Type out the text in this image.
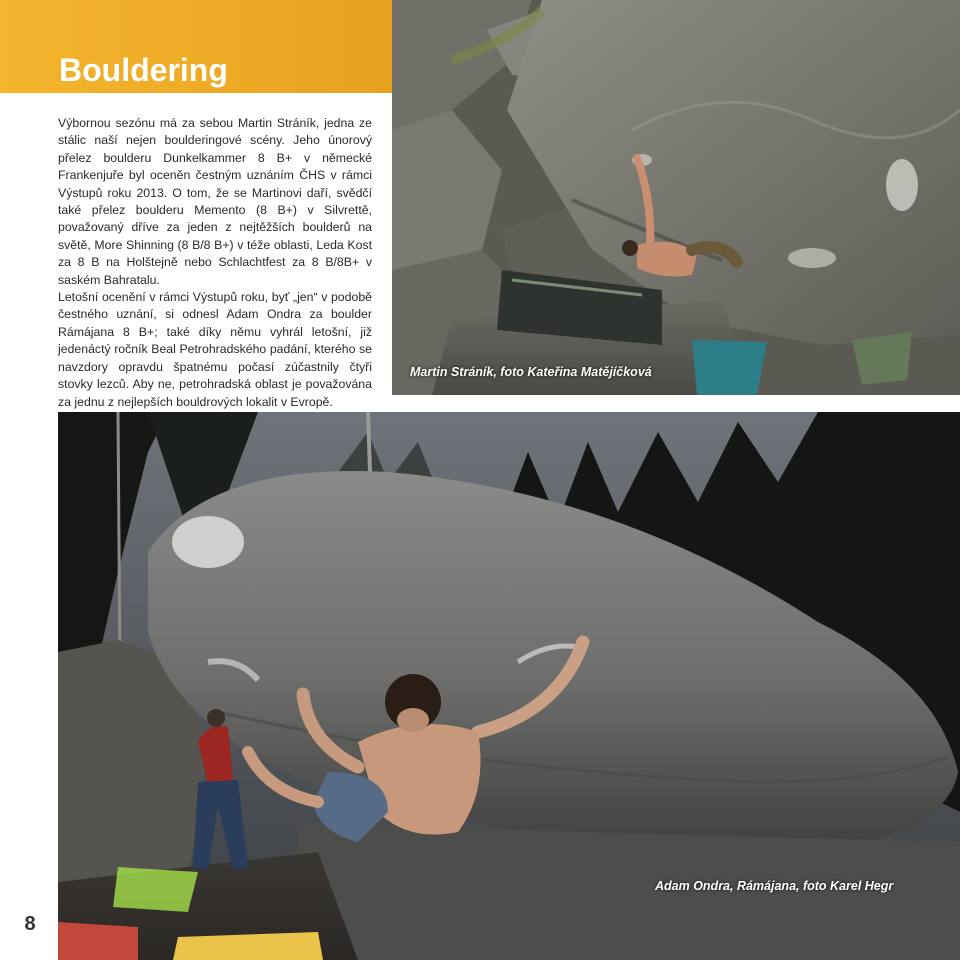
Bouldering

Výbornou sezónu má za sebou Martin Stráník, jedna ze stálic naší nejen boulderingové scény. Jeho únorový přelez boulderu Dunkelkammer 8 B+ v německé Frankenjuře byl oceněn čestným uznáním ČHS v rámci Výstupů roku 2013. O tom, že se Martinovi daří, svědčí také přelez boulderu Memento (8 B+) v Silvrettě, považovaný dříve za jeden z nejtěžších boulderů na světě, More Shinning (8 B/8 B+) v téže oblasti, Leda Kost za 8 B na Holštejně nebo Schlachtfest za 8 B/8B+ v saském Bahratalu.

Letošní ocenění v rámci Výstupů roku, byť „jen“ v podobě čestného uznání, si odnesl Adam Ondra za boulder Rámájana 8 B+; také díky němu vyhrál letošní, již jedenáctý ročník Beal Petrohradského padání, kterého se navzdory opravdu špatnému počasí zúčastnily čtyři stovky lezců. Aby ne, petrohradská oblast je považována za jednu z nejlepších bouldrových lokalit v Evropě.

Martin Stráník, foto Kateřina Matějíčková
Adam Ondra, Rámájana, foto Karel Hegr
8
